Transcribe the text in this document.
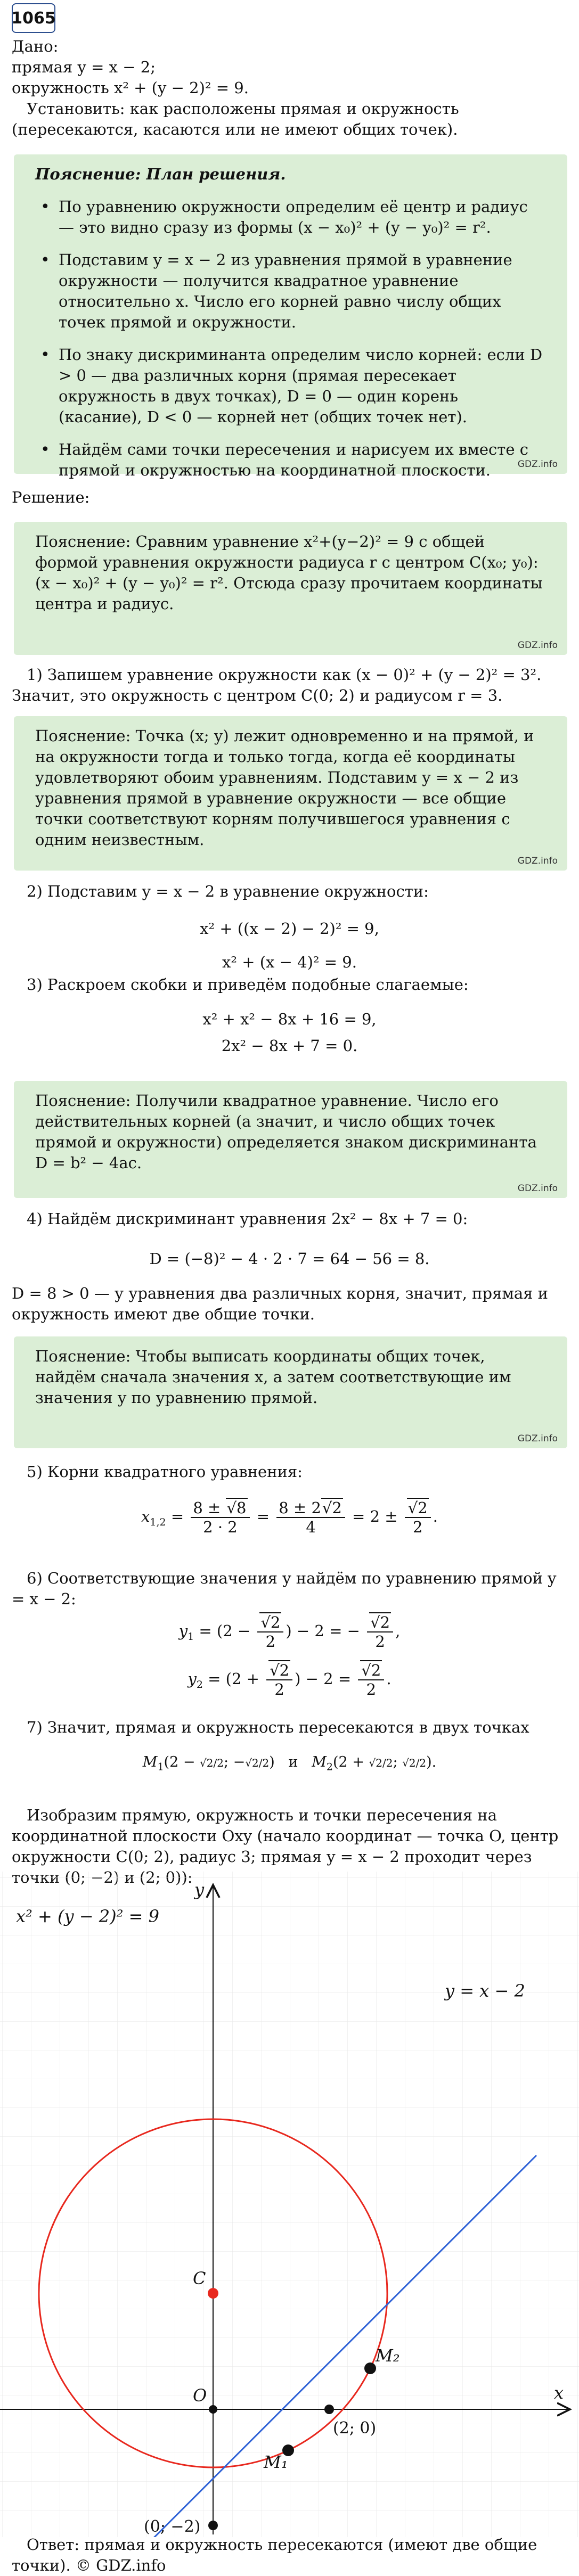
1065
Дано:
прямая y = x − 2;
окружность x² + (y − 2)² = 9.
Установить: как расположены прямая и окружность (пересекаются, касаются или не имеют общих точек).
Пояснение: План решения.
• По уравнению окружности определим её центр и радиус — это видно сразу из формы (x − x₀)² + (y − y₀)² = r².
• Подставим y = x − 2 из уравнения прямой в уравнение окружности — получится квадратное уравнение относительно x. Число его корней равно числу общих точек прямой и окружности.
• По знаку дискриминанта определим число корней: если D > 0 — два различных корня (прямая пересекает окружность в двух точках), D = 0 — один корень (касание), D < 0 — корней нет (общих точек нет).
• Найдём сами точки пересечения и нарисуем их вместе с прямой и окружностью на координатной плоскости.	GDZ.info
Решение:
Пояснение: Сравним уравнение x²+(y−2)² = 9 с общей формой уравнения окружности радиуса r с центром C(x₀; y₀): (x − x₀)² + (y − y₀)² = r². Отсюда сразу прочитаем координаты центра и радиус.
GDZ.info
1) Запишем уравнение окружности как (x − 0)² + (y − 2)² = 3². Значит, это окружность с центром C(0; 2) и радиусом r = 3.
Пояснение: Точка (x; y) лежит одновременно и на прямой, и на окружности тогда и только тогда, когда её координаты удовлетворяют обоим уравнениям. Подставим y = x − 2 из уравнения прямой в уравнение окружности — все общие точки соответствуют корням получившегося уравнения с одним неизвестным.
GDZ.info
2) Подставим y = x − 2 в уравнение окружности:
x² + ((x − 2) − 2)² = 9,
x² + (x − 4)² = 9.
3) Раскроем скобки и приведём подобные слагаемые:
x² + x² − 8x + 16 = 9,
2x² − 8x + 7 = 0.
Пояснение: Получили квадратное уравнение. Число его действительных корней (а значит, и число общих точек прямой и окружности) определяется знаком дискриминанта D = b² − 4ac.
GDZ.info
4) Найдём дискриминант уравнения 2x² − 8x + 7 = 0:
D = (−8)² − 4 · 2 · 7 = 64 − 56 = 8.
D = 8 > 0 — у уравнения два различных корня, значит, прямая и окружность имеют две общие точки.
Пояснение: Чтобы выписать координаты общих точек, найдём сначала значения x, а затем соответствующие им значения y по уравнению прямой.
GDZ.info
5) Корни квадратного уравнения:
$x_{1,2} = \frac{8 \pm √8}{2 \cdot 2} = \frac{8 \pm 2√2}{4} = 2 \pm \frac{√2}{2}$ .
6) Соответствующие значения y найдём по уравнению прямой y = x − 2:
$y_1 = (2 - \frac{√2}{2}$ ) − 2 = − $\frac{√2}{2}$ ,
$y_2 = (2 + \frac{√2}{2}$ ) − $2 = \frac{√2}{2}$ .
7) Значит, прямая и окружность пересекаются в двух точках
$M_1(2 - √2/2$; −√2/2)   и $M_2(2 + √2/2$; √2/2).
Изобразим прямую, окружность и точки пересечения на координатной плоскости Oxy (начало координат — точка O, центр окружности C(0; 2), радиус 3; прямая y = x − 2 проходит через
x² + (y − 2)² = 9
y = x − 2
x
y
O
C
M₁
M₂
(2; 0)
(0; −2)
Ответ: прямая и окружность пересекаются (имеют две общие точки). © GDZ.info
